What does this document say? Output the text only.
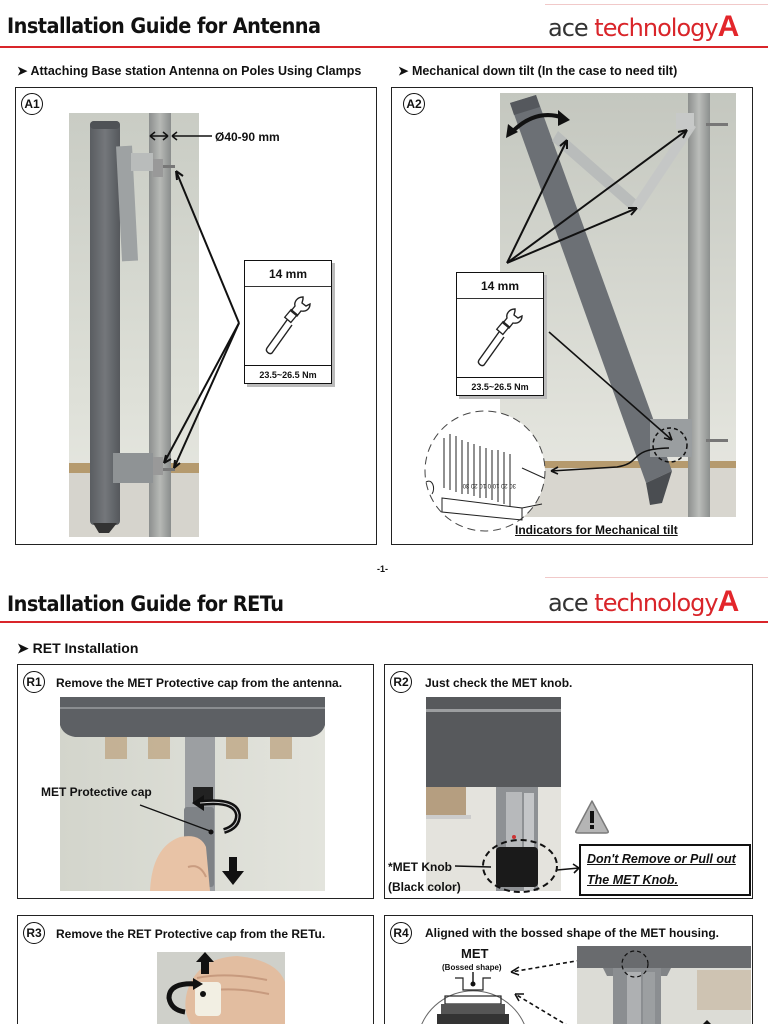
Installation Guide for Antenna	ace technologyA
➤ Attaching Base station Antenna on Poles Using Clamps	➤ Mechanical down tilt (In the case to need tilt)
A1
Ø40-90 mm
14 mm
23.5~26.5 Nm
A2
14 mm
23.5~26.5 Nm
30 20 10 0 10 20 30
Indicators for Mechanical tilt
-1-
Installation Guide for RETu	ace technologyA
➤ RET Installation
R1 Remove the MET Protective cap from the antenna.
MET Protective cap
R2 Just check the MET knob.
*MET Knob
(Black color)
Don't Remove or Pull out
The MET Knob.
R3 Remove the RET Protective cap from the RETu.	R4 Aligned with the bossed shape of the MET housing.
MET
(Bossed shape)
